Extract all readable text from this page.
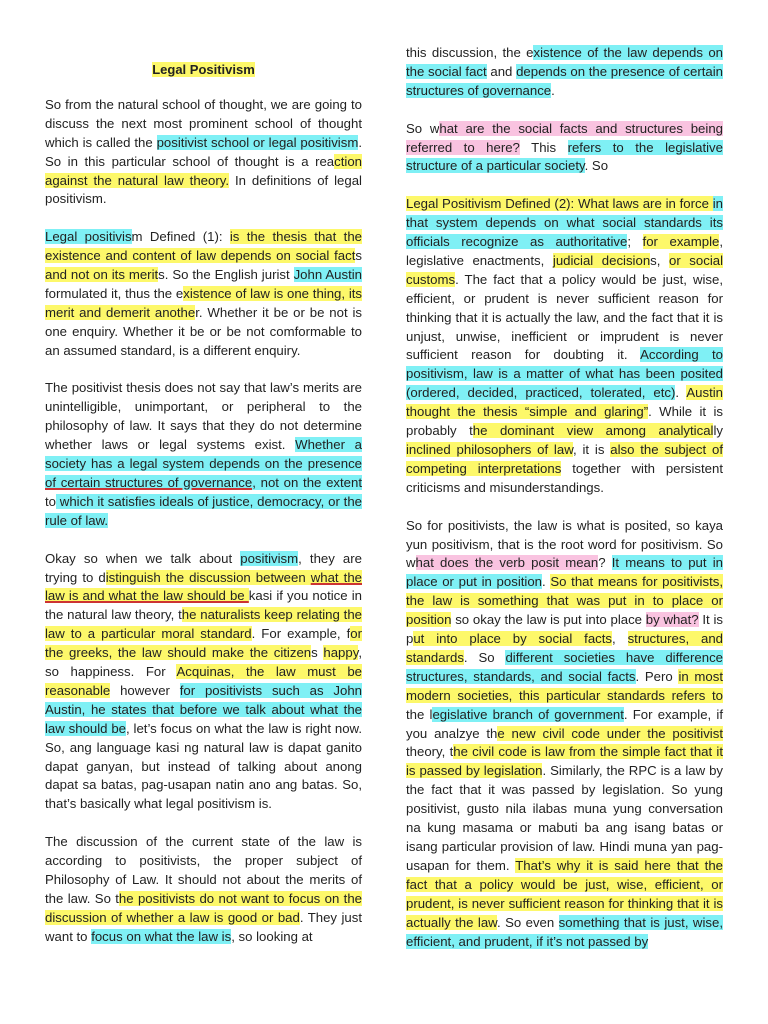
Legal Positivism

So from the natural school of thought, we are going to discuss the next most prominent school of thought which is called the positivist school or legal positivism. So in this particular school of thought is a reaction against the natural law theory. In definitions of legal positivism.

Legal positivism Defined (1): is the thesis that the existence and content of law depends on social facts and not on its merits. So the English jurist John Austin formulated it, thus the existence of law is one thing, its merit and demerit another. Whether it be or be not is one enquiry. Whether it be or be not comformable to an assumed standard, is a different enquiry.

The positivist thesis does not say that law’s merits are unintelligible, unimportant, or peripheral to the philosophy of law. It says that they do not determine whether laws or legal systems exist. Whether a society has a legal system depends on the presence of certain structures of governance, not on the extent to which it satisfies ideals of justice, democracy, or the rule of law.

Okay so when we talk about positivism, they are trying to distinguish the discussion between what the law is and what the law should be kasi if you notice in the natural law theory, the naturalists keep relating the law to a particular moral standard. For example, for the greeks, the law should make the citizens happy, so happiness. For Acquinas, the law must be reasonable however for positivists such as John Austin, he states that before we talk about what the law should be, let’s focus on what the law is right now. So, ang language kasi ng natural law is dapat ganito dapat ganyan, but instead of talking about anong dapat sa batas, pag-usapan natin ano ang batas. So, that’s basically what legal positivism is.

The discussion of the current state of the law is according to positivists, the proper subject of Philosophy of Law. It should not about the merits of the law. So the positivists do not want to focus on the discussion of whether a law is good or bad. They just want to focus on what the law is, so looking at

this discussion, the existence of the law depends on the social fact and depends on the presence of certain structures of governance.

So what are the social facts and structures being referred to here? This refers to the legislative structure of a particular society. So

Legal Positivism Defined (2): What laws are in force in that system depends on what social standards its officials recognize as authoritative; for example, legislative enactments, judicial decisions, or social customs. The fact that a policy would be just, wise, efficient, or prudent is never sufficient reason for thinking that it is actually the law, and the fact that it is unjust, unwise, inefficient or imprudent is never sufficient reason for doubting it. According to positivism, law is a matter of what has been posited (ordered, decided, practiced, tolerated, etc). Austin thought the thesis “simple and glaring”. While it is probably the dominant view among analytically inclined philosophers of law, it is also the subject of competing interpretations together with persistent criticisms and misunderstandings.

So for positivists, the law is what is posited, so kaya yun positivism, that is the root word for positivism. So what does the verb posit mean? It means to put in place or put in position. So that means for positivists, the law is something that was put in to place or position so okay the law is put into place by what? It is put into place by social facts, structures, and standards. So different societies have difference structures, standards, and social facts. Pero in most modern societies, this particular standards refers to the legislative branch of government. For example, if you analzye the new civil code under the positivist theory, the civil code is law from the simple fact that it is passed by legislation. Similarly, the RPC is a law by the fact that it was passed by legislation. So yung positivist, gusto nila ilabas muna yung conversation na kung masama or mabuti ba ang isang batas or isang particular provision of law. Hindi muna yan pag-usapan for them. That’s why it is said here that the fact that a policy would be just, wise, efficient, or prudent, is never sufficient reason for thinking that it is actually the law. So even something that is just, wise, efficient, and prudent, if it’s not passed by
